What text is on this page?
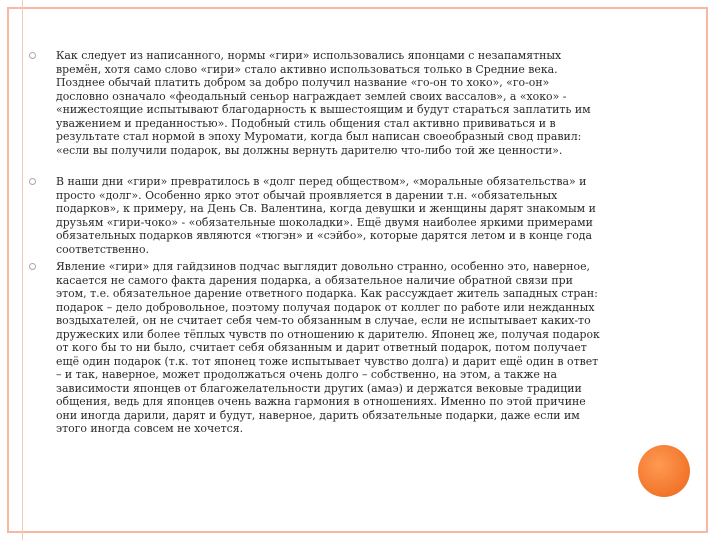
Как следует из написанного, нормы «гири» использовались японцами с незапамятных времён, хотя само слово «гири» стало активно использоваться только в Средние века. Позднее обычай платить добром за добро получил название «го-он то хоко», «го-он» дословно означало «феодальный сеньор награждает землей своих вассалов», а «хоко» - «нижестоящие испытывают благодарность к вышестоящим и будут стараться заплатить им уважением и преданностью». Подобный стиль общения стал активно прививаться и в результате стал нормой в эпоху Муромати, когда был написан своеобразный свод правил: «если вы получили подарок, вы должны вернуть дарителю что-либо той же ценности».
В наши дни «гири» превратилось в «долг перед обществом», «моральные обязательства» и просто «долг». Особенно ярко этот обычай проявляется в дарении т.н. «обязательных подарков», к примеру, на День Св. Валентина, когда девушки и женщины дарят знакомым и друзьям «гири-чоко» - «обязательные шоколадки». Ещё двумя наиболее яркими примерами обязательных подарков являются «тюгэн» и «сэйбо», которые дарятся летом и в конце года соответственно.
Явление «гири» для гайдзинов подчас выглядит довольно странно, особенно это, наверное, касается не самого факта дарения подарка, а обязательное наличие обратной связи при этом, т.е. обязательное дарение ответного подарка. Как рассуждает житель западных стран: подарок – дело добровольное, поэтому получая подарок от коллег по работе или нежданных воздыхателей, он не считает себя чем-то обязанным в случае, если не испытывает каких-то дружеских или более тёплых чувств по отношению к дарителю. Японец же, получая подарок от кого бы то ни было, считает себя обязанным и дарит ответный подарок, потом получает ещё один подарок (т.к. тот японец тоже испытывает чувство долга) и дарит ещё один в ответ – и так, наверное, может продолжаться очень долго – собственно, на этом, а также на зависимости японцев от благожелательности других (амаэ) и держатся вековые традиции общения, ведь для японцев очень важна гармония в отношениях. Именно по этой причине они иногда дарили, дарят и будут, наверное, дарить обязательные подарки, даже если им этого иногда совсем не хочется.
